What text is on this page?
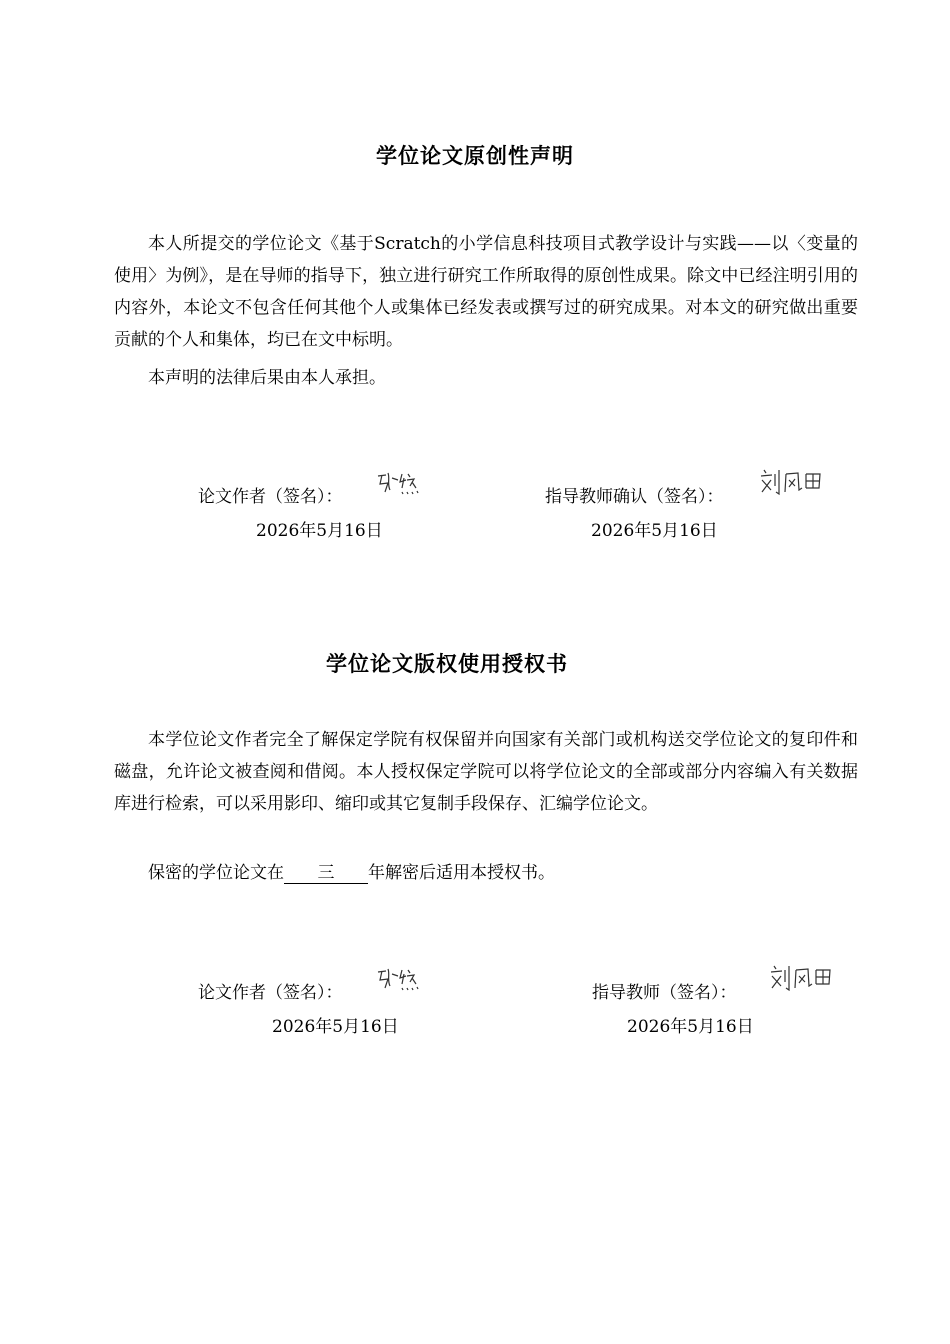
学位论文原创性声明

本人所提交的学位论文《基于Scratch的小学信息科技项目式教学设计与实践——以〈变量的使用〉为例》，是在导师的指导下，独立进行研究工作所取得的原创性成果。除文中已经注明引用的内容外，本论文不包含任何其他个人或集体已经发表或撰写过的研究成果。对本文的研究做出重要贡献的个人和集体，均已在文中标明。

本声明的法律后果由本人承担。

论文作者（签名）：
2026年5月16日
指导教师确认（签名）：
2026年5月16日
学位论文版权使用授权书

本学位论文作者完全了解保定学院有权保留并向国家有关部门或机构送交学位论文的复印件和磁盘，允许论文被查阅和借阅。本人授权保定学院可以将学位论文的全部或部分内容编入有关数据库进行检索，可以采用影印、缩印或其它复制手段保存、汇编学位论文。

保密的学位论文在 三 年解密后适用本授权书。
论文作者（签名）：
2026年5月16日
指导教师（签名）：
2026年5月16日
